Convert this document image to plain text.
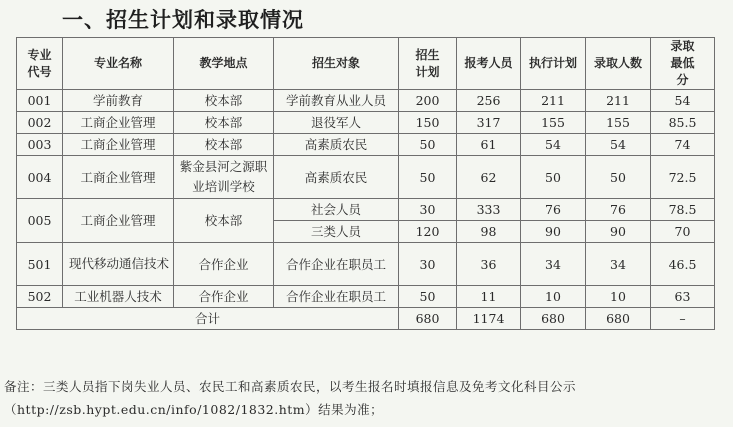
一、招生计划和录取情况
专业代号	专业名称	教学地点	招生对象	招生计划	报考人员	执行计划	录取人数	录取最低分
001	学前教育	校本部	学前教育从业人员	200	256	211	211	54
002	工商企业管理	校本部	退役军人	150	317	155	155	85.5
003	工商企业管理	校本部	高素质农民	50	61	54	54	74
004	工商企业管理	紫金县河之源职业培训学校	高素质农民	50	62	50	50	72.5
005	工商企业管理	校本部	社会人员	30	333	76	76	78.5
			三类人员	120	98	90	90	70
501	现代移动通信技术	合作企业	合作企业在职员工	30	36	34	34	46.5
502	工业机器人技术	合作企业	合作企业在职员工	50	11	10	10	63
合计				680	1174	680	680	–
备注：三类人员指下岗失业人员、农民工和高素质农民，以考生报名时填报信息及免考文化科目公示（http://zsb.hypt.edu.cn/info/1082/1832.htm）结果为准；
